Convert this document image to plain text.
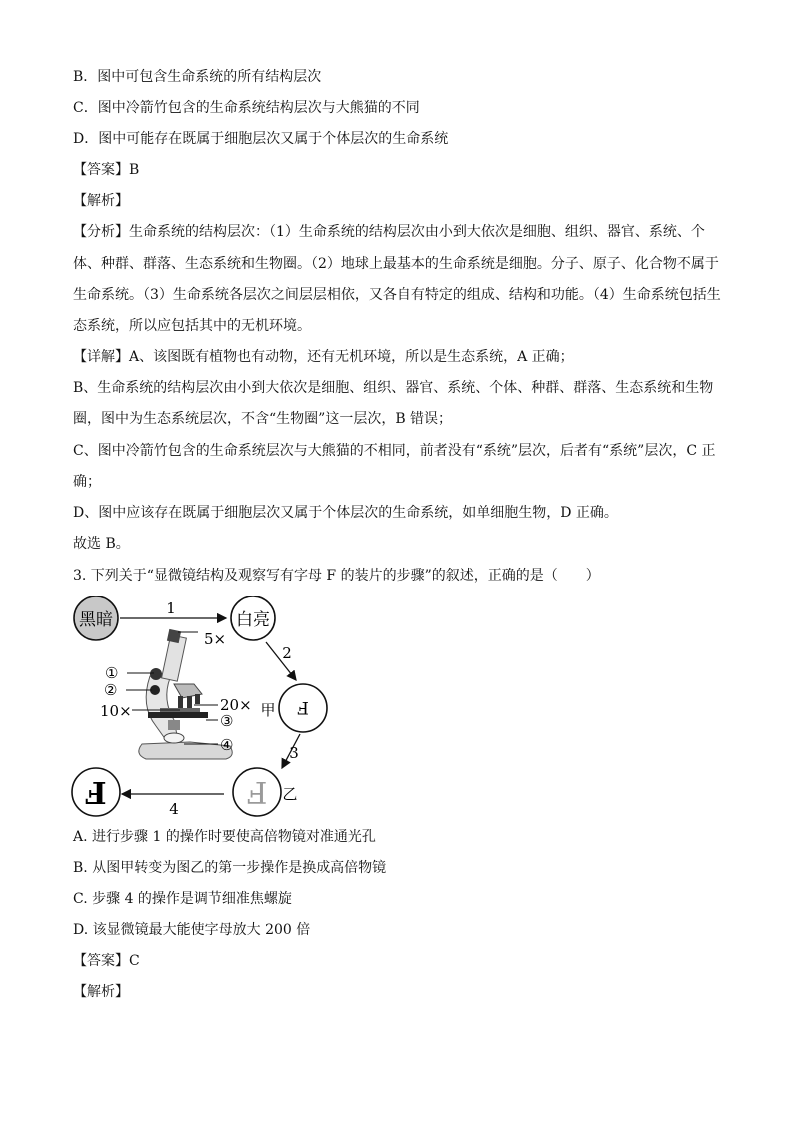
B．图中可包含生命系统的所有结构层次
C．图中冷箭竹包含的生命系统结构层次与大熊猫的不同
D．图中可能存在既属于细胞层次又属于个体层次的生命系统
【答案】B
【解析】
【分析】生命系统的结构层次：（1）生命系统的结构层次由小到大依次是细胞、组织、器官、系统、个
体、种群、群落、生态系统和生物圈。（2）地球上最基本的生命系统是细胞。分子、原子、化合物不属于
生命系统。（3）生命系统各层次之间层层相依，又各自有特定的组成、结构和功能。（4）生命系统包括生
态系统，所以应包括其中的无机环境。
【详解】A、该图既有植物也有动物，还有无机环境，所以是生态系统，A 正确；
B、生命系统的结构层次由小到大依次是细胞、组织、器官、系统、个体、种群、群落、生态系统和生物
圈，图中为生态系统层次，不含“生物圈”这一层次，B 错误；
C、图中冷箭竹包含的生命系统层次与大熊猫的不相同，前者没有“系统”层次，后者有“系统”层次，C 正
确；
D、图中应该存在既属于细胞层次又属于个体层次的生命系统，如单细胞生物，D 正确。
故选 B。
3. 下列关于“显微镜结构及观察写有字母 F 的装片的步骤”的叙述，正确的是（　　）
黑暗
1
白亮
2
甲 F
3
F 乙
4
F
5×
①
②
10×	20×
③
④
A. 进行步骤 1 的操作时要使高倍物镜对准通光孔
B. 从图甲转变为图乙的第一步操作是换成高倍物镜
C. 步骤 4 的操作是调节细准焦螺旋
D. 该显微镜最大能使字母放大 200 倍
【答案】C
【解析】
